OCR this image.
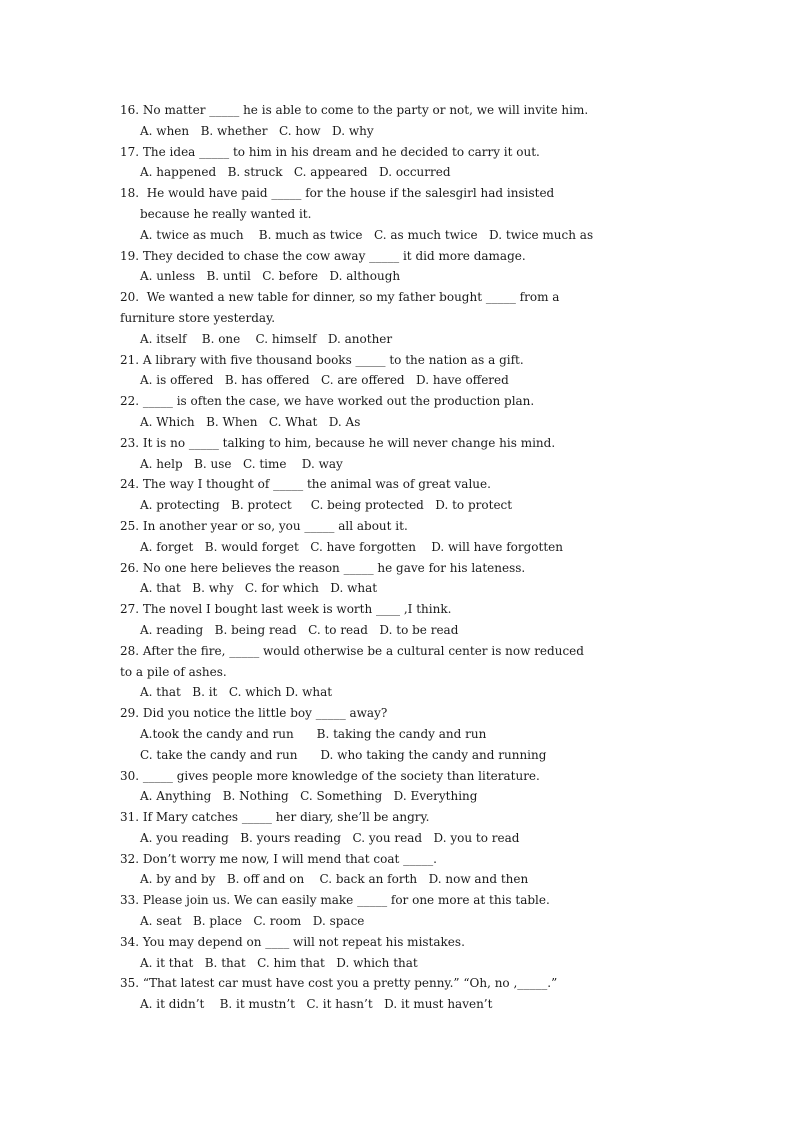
16. No matter _____ he is able to come to the party or not, we will invite him.
A. when   B. whether   C. how   D. why
17. The idea _____ to him in his dream and he decided to carry it out.
A. happened   B. struck   C. appeared   D. occurred
18.  He would have paid _____ for the house if the salesgirl had insisted
because he really wanted it.
A. twice as much    B. much as twice   C. as much twice   D. twice much as
19. They decided to chase the cow away _____ it did more damage.
A. unless   B. until   C. before   D. although
20.  We wanted a new table for dinner, so my father bought _____ from a
furniture store yesterday.
A. itself    B. one    C. himself   D. another
21. A library with five thousand books _____ to the nation as a gift.
A. is offered   B. has offered   C. are offered   D. have offered
22. _____ is often the case, we have worked out the production plan.
A. Which   B. When   C. What   D. As
23. It is no _____ talking to him, because he will never change his mind.
A. help   B. use   C. time    D. way
24. The way I thought of _____ the animal was of great value.
A. protecting   B. protect     C. being protected   D. to protect
25. In another year or so, you _____ all about it.
A. forget   B. would forget   C. have forgotten    D. will have forgotten
26. No one here believes the reason _____ he gave for his lateness.
A. that   B. why   C. for which   D. what
27. The novel I bought last week is worth ____ ,I think.
A. reading   B. being read   C. to read   D. to be read
28. After the fire, _____ would otherwise be a cultural center is now reduced
to a pile of ashes.
A. that   B. it   C. which D. what
29. Did you notice the little boy _____ away?
A.took the candy and run      B. taking the candy and run
C. take the candy and run      D. who taking the candy and running
30. _____ gives people more knowledge of the society than literature.
A. Anything   B. Nothing   C. Something   D. Everything
31. If Mary catches _____ her diary, she’ll be angry.
A. you reading   B. yours reading   C. you read   D. you to read
32. Don’t worry me now, I will mend that coat _____.
A. by and by   B. off and on    C. back an forth   D. now and then
33. Please join us. We can easily make _____ for one more at this table.
A. seat   B. place   C. room   D. space
34. You may depend on ____ will not repeat his mistakes.
A. it that   B. that   C. him that   D. which that
35. “That latest car must have cost you a pretty penny.” “Oh, no ,_____.”
A. it didn’t    B. it mustn’t   C. it hasn’t   D. it must haven’t
